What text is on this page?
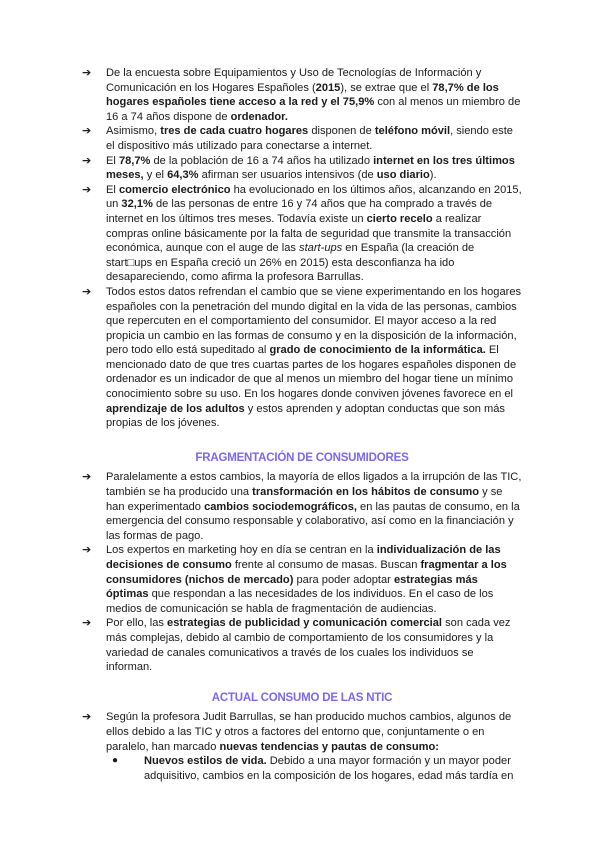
➔	De la encuesta sobre Equipamientos y Uso de Tecnologías de Información y Comunicación en los Hogares Españoles (2015), se extrae que el 78,7% de los hogares españoles tiene acceso a la red y el 75,9% con al menos un miembro de 16 a 74 años dispone de ordenador.

➔	Asimismo, tres de cada cuatro hogares disponen de teléfono móvil, siendo este el dispositivo más utilizado para conectarse a internet.

➔	El 78,7% de la población de 16 a 74 años ha utilizado internet en los tres últimos meses, y el 64,3% afirman ser usuarios intensivos (de uso diario).

➔	El comercio electrónico ha evolucionado en los últimos años, alcanzando en 2015, un 32,1% de las personas de entre 16 y 74 años que ha comprado a través de internet en los últimos tres meses. Todavía existe un cierto recelo a realizar compras online básicamente por la falta de seguridad que transmite la transacción económica, aunque con el auge de las start-ups en España (la creación de start□ups en España creció un 26% en 2015) esta desconfianza ha ido desapareciendo, como afirma la profesora Barrullas.

➔	Todos estos datos refrendan el cambio que se viene experimentando en los hogares españoles con la penetración del mundo digital en la vida de las personas, cambios que repercuten en el comportamiento del consumidor. El mayor acceso a la red propicia un cambio en las formas de consumo y en la disposición de la información, pero todo ello está supeditado al grado de conocimiento de la informática. El mencionado dato de que tres cuartas partes de los hogares españoles disponen de ordenador es un indicador de que al menos un miembro del hogar tiene un mínimo conocimiento sobre su uso. En los hogares donde conviven jóvenes favorece en el aprendizaje de los adultos y estos aprenden y adoptan conductas que son más propias de los jóvenes.

FRAGMENTACIÓN DE CONSUMIDORES

➔	Paralelamente a estos cambios, la mayoría de ellos ligados a la irrupción de las TIC, también se ha producido una transformación en los hábitos de consumo y se han experimentado cambios sociodemográficos, en las pautas de consumo, en la emergencia del consumo responsable y colaborativo, así como en la financiación y las formas de pago.

➔	Los expertos en marketing hoy en día se centran en la individualización de las decisiones de consumo frente al consumo de masas. Buscan fragmentar a los consumidores (nichos de mercado) para poder adoptar estrategias más óptimas que respondan a las necesidades de los individuos. En el caso de los medios de comunicación se habla de fragmentación de audiencias.

➔	Por ello, las estrategias de publicidad y comunicación comercial son cada vez más complejas, debido al cambio de comportamiento de los consumidores y la variedad de canales comunicativos a través de los cuales los individuos se informan.

ACTUAL CONSUMO DE LAS NTIC

➔	Según la profesora Judit Barrullas, se han producido muchos cambios, algunos de ellos debido a las TIC y otros a factores del entorno que, conjuntamente o en paralelo, han marcado nuevas tendencias y pautas de consumo:

● Nuevos estilos de vida. Debido a una mayor formación y un mayor poder adquisitivo, cambios en la composición de los hogares, edad más tardía en
